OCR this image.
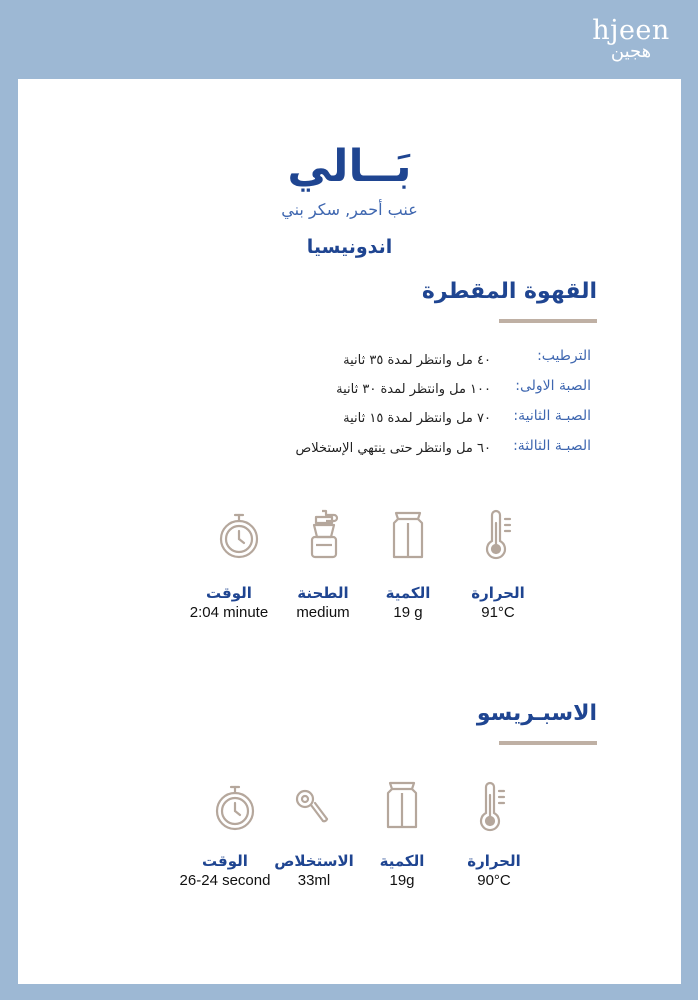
hjeen
هجين
بَــالي
عنب أحمر, سكر بني
اندونيسيا
القهوة المقطرة
الترطيب:
٤٠ مل وانتظر لمدة ٣٥ ثانية
الصبة الاولى:
١٠٠ مل وانتظر لمدة ٣٠ ثانية
الصبـة الثانية:
٧٠ مل وانتظر لمدة ١٥ ثانية
الصبـة الثالثة:
٦٠ مل وانتظر حتى ينتهي الإستخلاص
الحرارة
91°C
الكمية
19 g
الطحنة
medium
الوقت
2:04 minute
الاسبـريسو
الحرارة
90°C
الكمية
19g
الاستخلاص
33ml
الوقت
26-24 second
